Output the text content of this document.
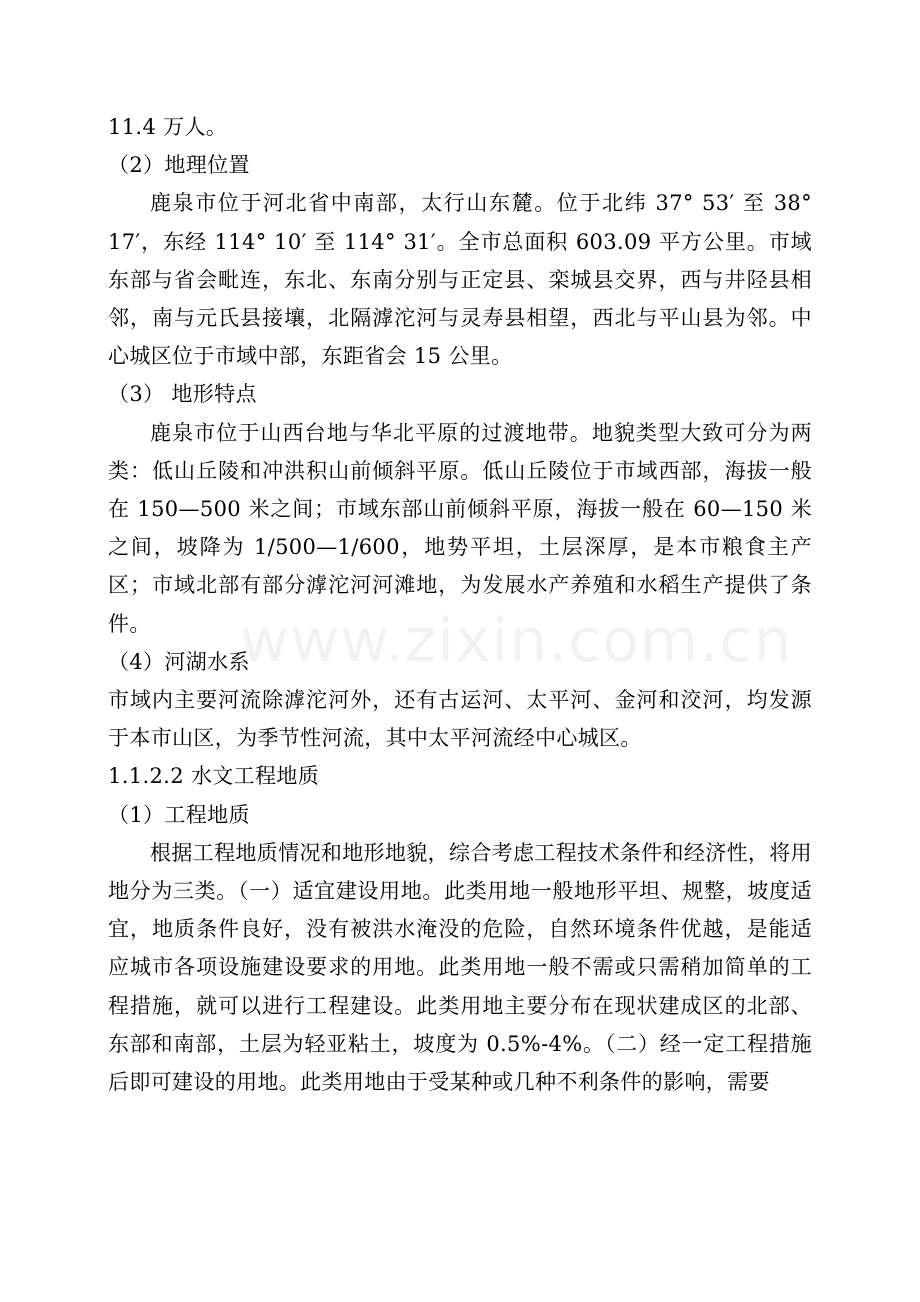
11.4 万人。

（2）地理位置

鹿泉市位于河北省中南部，太行山东麓。位于北纬 37° 53′ 至 38° 17′，东经 114° 10′ 至 114° 31′。全市总面积 603.09 平方公里。市域东部与省会毗连，东北、东南分别与正定县、栾城县交界，西与井陉县相邻，南与元氏县接壤，北隔滹沱河与灵寿县相望，西北与平山县为邻。中心城区位于市域中部，东距省会 15 公里。

（3） 地形特点

鹿泉市位于山西台地与华北平原的过渡地带。地貌类型大致可分为两类：低山丘陵和冲洪积山前倾斜平原。低山丘陵位于市域西部，海拔一般在 150—500 米之间；市域东部山前倾斜平原，海拔一般在 60—150 米之间，坡降为 1/500—1/600，地势平坦，土层深厚，是本市粮食主产区；市域北部有部分滹沱河河滩地，为发展水产养殖和水稻生产提供了条件。

（4）河湖水系

市域内主要河流除滹沱河外，还有古运河、太平河、金河和洨河，均发源于本市山区，为季节性河流，其中太平河流经中心城区。

1.1.2.2 水文工程地质

（1）工程地质

根据工程地质情况和地形地貌，综合考虑工程技术条件和经济性，将用地分为三类。（一）适宜建设用地。此类用地一般地形平坦、规整，坡度适宜，地质条件良好，没有被洪水淹没的危险，自然环境条件优越，是能适应城市各项设施建设要求的用地。此类用地一般不需或只需稍加简单的工程措施，就可以进行工程建设。此类用地主要分布在现状建成区的北部、东部和南部，土层为轻亚粘土，坡度为 0.5%-4%。（二）经一定工程措施后即可建设的用地。此类用地由于受某种或几种不利条件的影响，需要

www.zixin.com.cn
